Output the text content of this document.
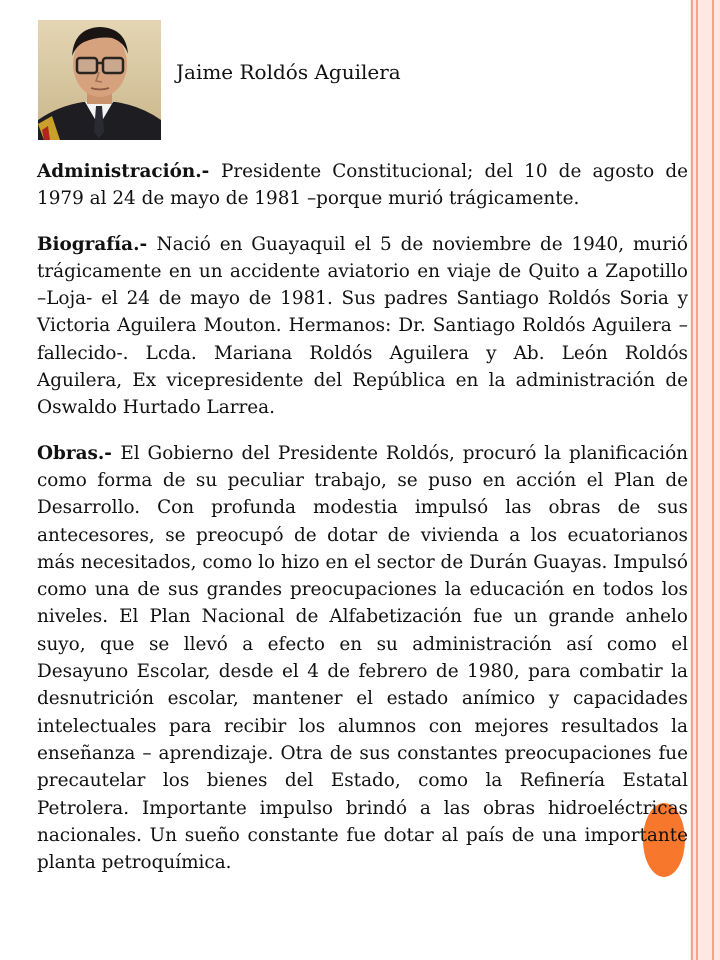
Jaime Roldós Aguilera

Administración.- Presidente Constitucional; del 10 de agosto de 1979 al 24 de mayo de 1981 –porque murió trágicamente.

Biografía.- Nació en Guayaquil el 5 de noviembre de 1940, murió trágicamente en un accidente aviatorio en viaje de Quito a Zapotillo –Loja- el 24 de mayo de 1981. Sus padres Santiago Roldós Soria y Victoria Aguilera Mouton. Hermanos: Dr. Santiago Roldós Aguilera –fallecido-. Lcda. Mariana Roldós Aguilera y Ab. León Roldós Aguilera, Ex vicepresidente del República en la administración de Oswaldo Hurtado Larrea.

Obras.- El Gobierno del Presidente Roldós, procuró la planificación como forma de su peculiar trabajo, se puso en acción el Plan de Desarrollo. Con profunda modestia impulsó las obras de sus antecesores, se preocupó de dotar de vivienda a los ecuatorianos más necesitados, como lo hizo en el sector de Durán Guayas. Impulsó como una de sus grandes preocupaciones la educación en todos los niveles. El Plan Nacional de Alfabetización fue un grande anhelo suyo, que se llevó a efecto en su administración así como el Desayuno Escolar, desde el 4 de febrero de 1980, para combatir la desnutrición escolar, mantener el estado anímico y capacidades intelectuales para recibir los alumnos con mejores resultados la enseñanza – aprendizaje. Otra de sus constantes preocupaciones fue precautelar los bienes del Estado, como la Refinería Estatal Petrolera. Importante impulso brindó a las obras hidroeléctricas nacionales. Un sueño constante fue dotar al país de una importante planta petroquímica.
